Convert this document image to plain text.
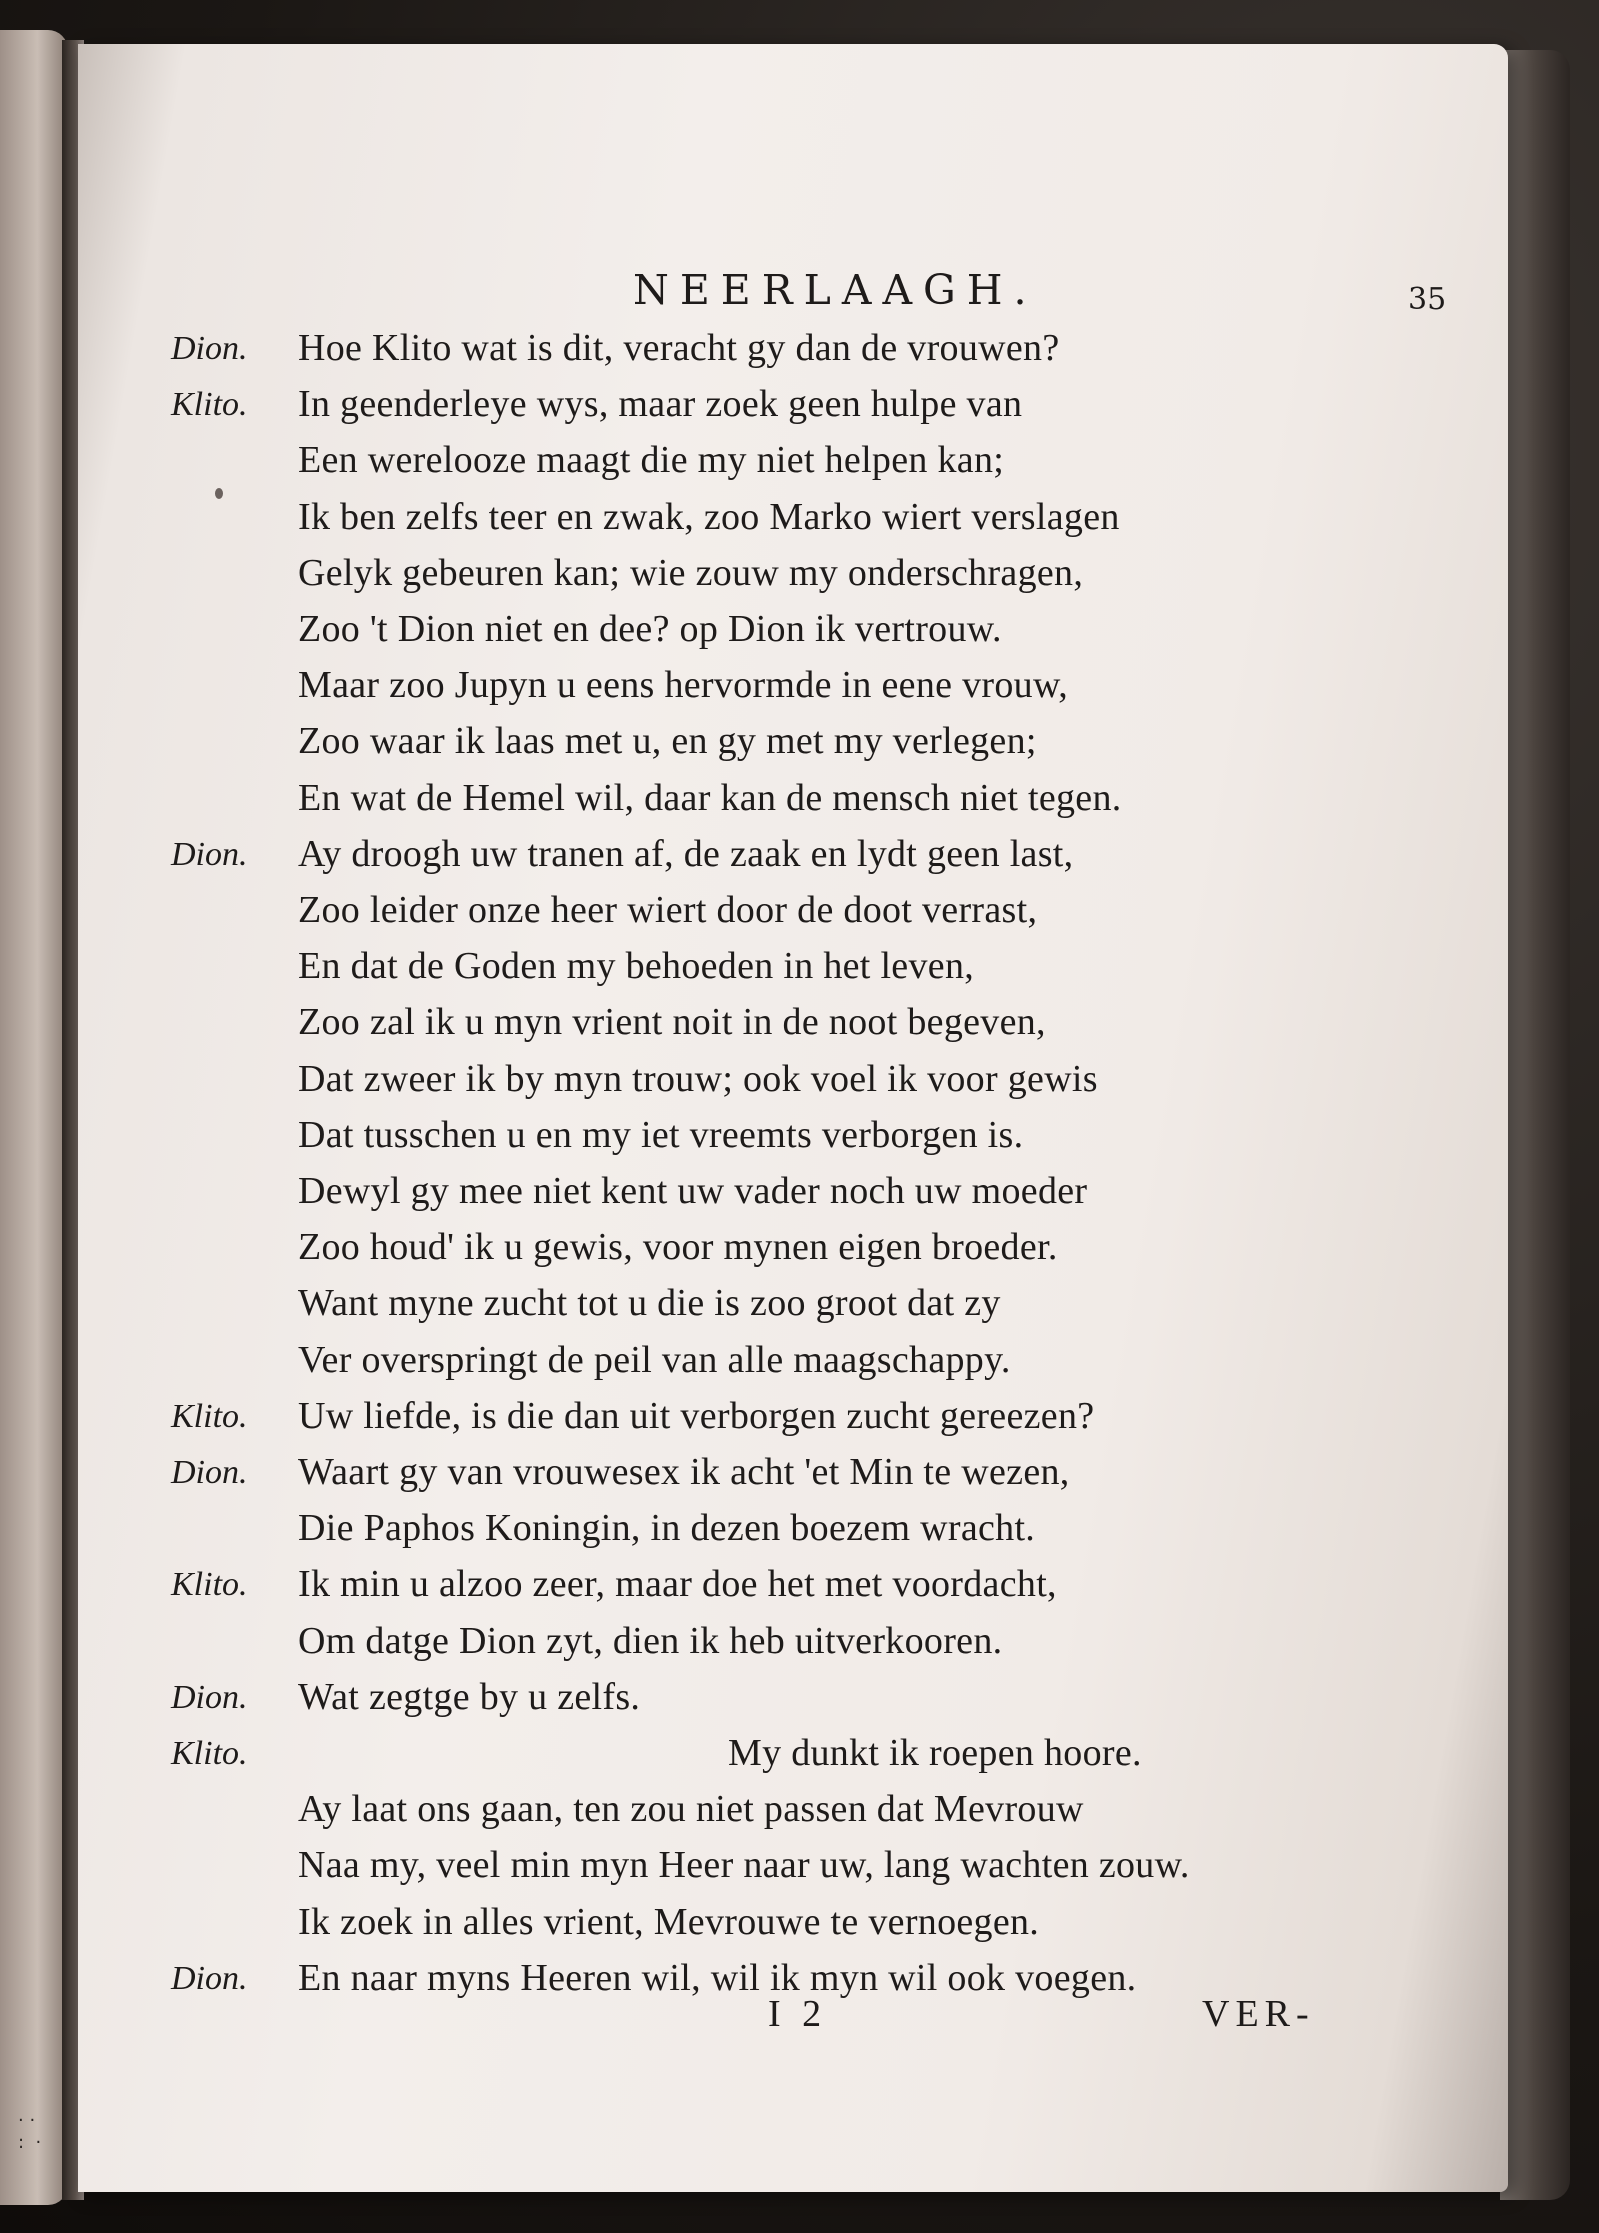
NEERLAAGH.	35
Dion. Hoe Klito wat is dit, veracht gy dan de vrouwen?
Klito. In geenderleye wys, maar zoek geen hulpe van
Een werelooze maagt die my niet helpen kan;
Ik ben zelfs teer en zwak, zoo Marko wiert verslagen
Gelyk gebeuren kan; wie zouw my onderschragen,
Zoo 't Dion niet en dee? op Dion ik vertrouw.
Maar zoo Jupyn u eens hervormde in eene vrouw,
Zoo waar ik laas met u, en gy met my verlegen;
En wat de Hemel wil, daar kan de mensch niet tegen.
Dion. Ay droogh uw tranen af, de zaak en lydt geen last,
Zoo leider onze heer wiert door de doot verrast,
En dat de Goden my behoeden in het leven,
Zoo zal ik u myn vrient noit in de noot begeven,
Dat zweer ik by myn trouw; ook voel ik voor gewis
Dat tusschen u en my iet vreemts verborgen is.
Dewyl gy mee niet kent uw vader noch uw moeder
Zoo houd' ik u gewis, voor mynen eigen broeder.
Want myne zucht tot u die is zoo groot dat zy
Ver overspringt de peil van alle maagschappy.
Klito. Uw liefde, is die dan uit verborgen zucht gereezen?
Dion. Waart gy van vrouwesex ik acht 'et Min te wezen,
Die Paphos Koningin, in dezen boezem wracht.
Klito. Ik min u alzoo zeer, maar doe het met voordacht,
Om datge Dion zyt, dien ik heb uitverkooren.
Dion. Wat zegtge by u zelfs.
Klito.	My dunkt ik roepen hoore.
Ay laat ons gaan, ten zou niet passen dat Mevrouw
Naa my, veel min myn Heer naar uw, lang wachten zouw.
Ik zoek in alles vrient, Mevrouwe te vernoegen.
Dion. En naar myns Heeren wil, wil ik myn wil ook voegen.
I 2	VER-
· ·
:  ·
